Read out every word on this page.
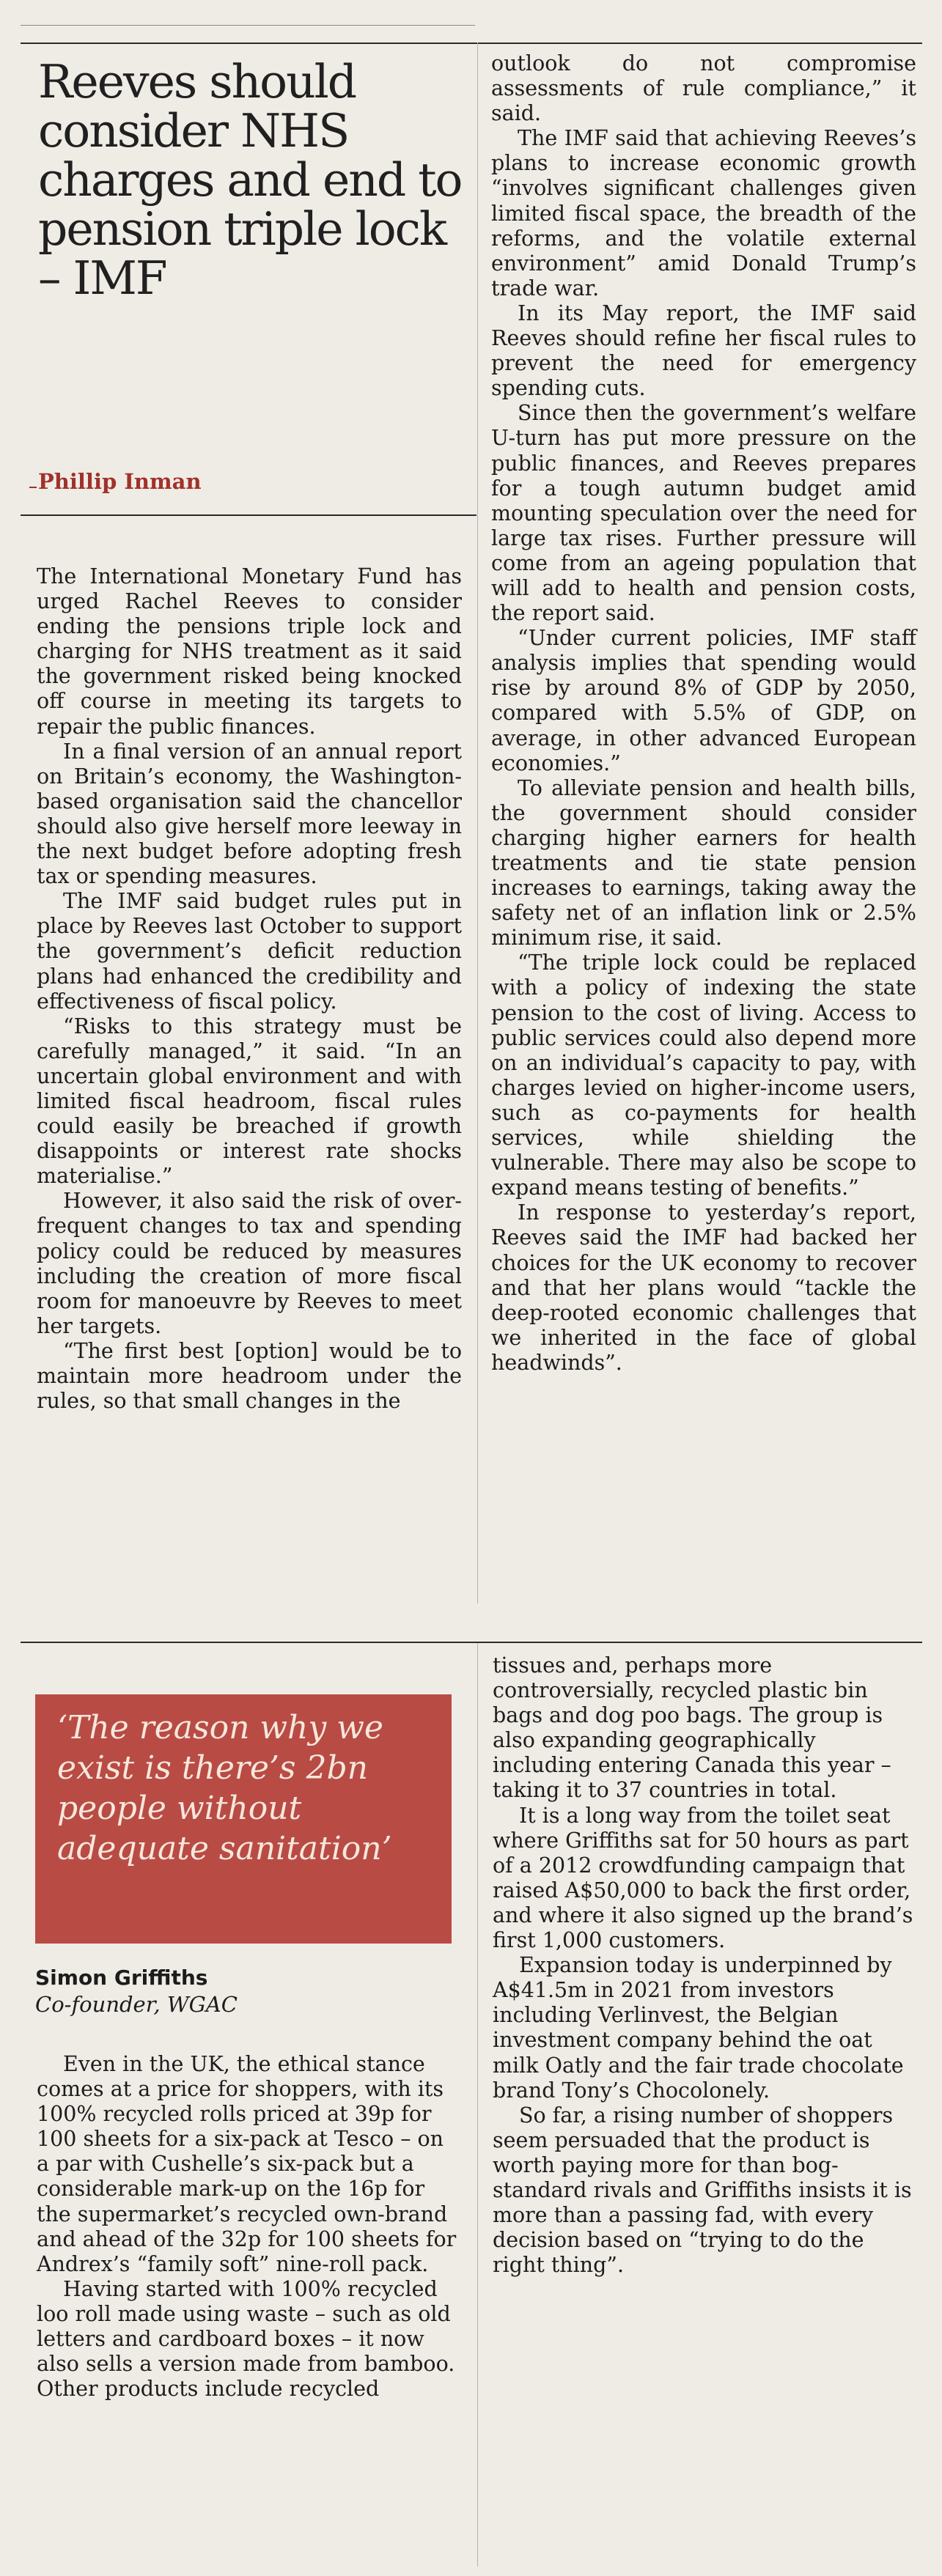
Reeves should consider NHS charges and end to pension triple lock – IMF

Phillip Inman

The International Monetary Fund has urged Rachel Reeves to consider ending the pensions triple lock and charging for NHS treatment as it said the government risked being knocked off course in meeting its targets to repair the public finances.

In a final version of an annual report on Britain’s economy, the Washington-based organisation said the chancellor should also give herself more leeway in the next budget before adopting fresh tax or spending measures.

The IMF said budget rules put in place by Reeves last October to support the government’s deficit reduction plans had enhanced the credibility and effectiveness of fiscal policy.

“Risks to this strategy must be carefully managed,” it said. “In an uncertain global environment and with limited fiscal headroom, fiscal rules could easily be breached if growth disappoints or interest rate shocks materialise.”

However, it also said the risk of over-frequent changes to tax and spending policy could be reduced by measures including the creation of more fiscal room for manoeuvre by Reeves to meet her targets.

“The first best [option] would be to maintain more headroom under the rules, so that small changes in the

outlook do not compromise assessments of rule compliance,” it said.

The IMF said that achieving Reeves’s plans to increase economic growth “involves significant challenges given limited fiscal space, the breadth of the reforms, and the volatile external environment” amid Donald Trump’s trade war.

In its May report, the IMF said Reeves should refine her fiscal rules to prevent the need for emergency spending cuts.

Since then the government’s welfare U-turn has put more pressure on the public finances, and Reeves prepares for a tough autumn budget amid mounting speculation over the need for large tax rises. Further pressure will come from an ageing population that will add to health and pension costs, the report said.

“Under current policies, IMF staff analysis implies that spending would rise by around 8% of GDP by 2050, compared with 5.5% of GDP, on average, in other advanced European economies.”

To alleviate pension and health bills, the government should consider charging higher earners for health treatments and tie state pension increases to earnings, taking away the safety net of an inflation link or 2.5% minimum rise, it said.

“The triple lock could be replaced with a policy of indexing the state pension to the cost of living. Access to public services could also depend more on an individual’s capacity to pay, with charges levied on higher-income users, such as co-payments for health services, while shielding the vulnerable. There may also be scope to expand means testing of benefits.”

In response to yesterday’s report, Reeves said the IMF had backed her choices for the UK economy to recover and that her plans would “tackle the deep-rooted economic challenges that we inherited in the face of global headwinds”.

‘The reason why we exist is there’s 2bn people without adequate sanitation’

Simon Griffiths

Co-founder, WGAC

Even in the UK, the ethical stance comes at a price for shoppers, with its 100% recycled rolls priced at 39p for 100 sheets for a six-pack at Tesco – on a par with Cushelle’s six-pack but a considerable mark-up on the 16p for the supermarket’s recycled own-brand and ahead of the 32p for 100 sheets for Andrex’s “family soft” nine-roll pack.

Having started with 100% recycled loo roll made using waste – such as old letters and cardboard boxes – it now also sells a version made from bamboo. Other products include recycled

tissues and, perhaps more controversially, recycled plastic bin bags and dog poo bags. The group is also expanding geographically including entering Canada this year – taking it to 37 countries in total.

It is a long way from the toilet seat where Griffiths sat for 50 hours as part of a 2012 crowdfunding campaign that raised A$50,000 to back the first order, and where it also signed up the brand’s first 1,000 customers.

Expansion today is underpinned by A$41.5m in 2021 from investors including Verlinvest, the Belgian investment company behind the oat milk Oatly and the fair trade chocolate brand Tony’s Chocolonely.

So far, a rising number of shoppers seem persuaded that the product is worth paying more for than bog-standard rivals and Griffiths insists it is more than a passing fad, with every decision based on “trying to do the right thing”.
